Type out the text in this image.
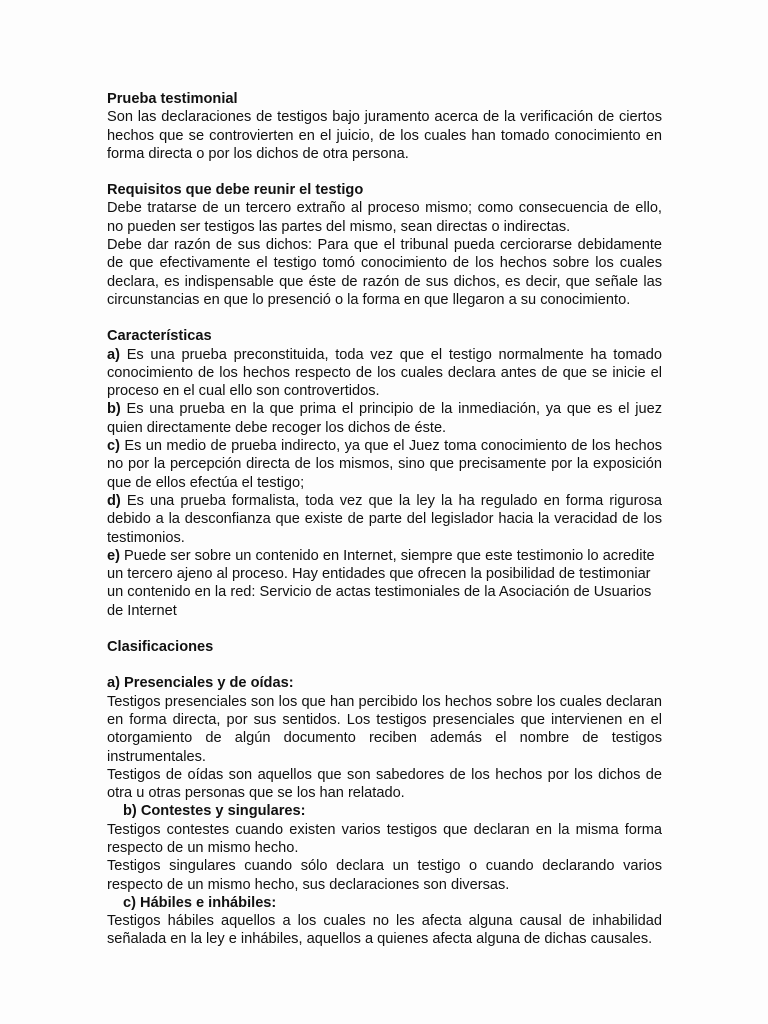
Prueba testimonial

Son las declaraciones de testigos bajo juramento acerca de la verificación de ciertos hechos que se controvierten en el juicio, de los cuales han tomado conocimiento en forma directa o por los dichos de otra persona.

Requisitos que debe reunir el testigo

Debe tratarse de un tercero extraño al proceso mismo; como consecuencia de ello, no pueden ser testigos las partes del mismo, sean directas o indirectas.

Debe dar razón de sus dichos: Para que el tribunal pueda cerciorarse debidamente de que efectivamente el testigo tomó conocimiento de los hechos sobre los cuales declara, es indispensable que éste de razón de sus dichos, es decir, que señale las circunstancias en que lo presenció o la forma en que llegaron a su conocimiento.

Características

a) Es una prueba preconstituida, toda vez que el testigo normalmente ha tomado conocimiento de los hechos respecto de los cuales declara antes de que se inicie el proceso en el cual ello son controvertidos.

b) Es una prueba en la que prima el principio de la inmediación, ya que es el juez quien directamente debe recoger los dichos de éste.

c) Es un medio de prueba indirecto, ya que el Juez toma conocimiento de los hechos no por la percepción directa de los mismos, sino que precisamente por la exposición que de ellos efectúa el testigo;

d) Es una prueba formalista, toda vez que la ley la ha regulado en forma rigurosa debido a la desconfianza que existe de parte del legislador hacia la veracidad de los testimonios.

e) Puede ser sobre un contenido en Internet, siempre que este testimonio lo acredite un tercero ajeno al proceso. Hay entidades que ofrecen la posibilidad de testimoniar un contenido en la red: Servicio de actas testimoniales de la Asociación de Usuarios de Internet

Clasificaciones

a) Presenciales y de oídas:

Testigos presenciales son los que han percibido los hechos sobre los cuales declaran en forma directa, por sus sentidos. Los testigos presenciales que intervienen en el otorgamiento de algún documento reciben además el nombre de testigos instrumentales.

Testigos de oídas son aquellos que son sabedores de los hechos por los dichos de otra u otras personas que se los han relatado.

b) Contestes y singulares:

Testigos contestes cuando existen varios testigos que declaran en la misma forma respecto de un mismo hecho.

Testigos singulares cuando sólo declara un testigo o cuando declarando varios respecto de un mismo hecho, sus declaraciones son diversas.

c) Hábiles e inhábiles:

Testigos hábiles aquellos a los cuales no les afecta alguna causal de inhabilidad señalada en la ley e inhábiles, aquellos a quienes afecta alguna de dichas causales.
